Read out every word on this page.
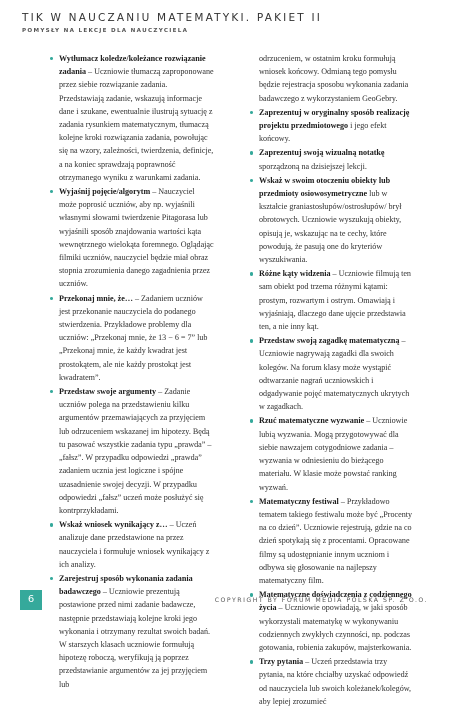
TIK W NAUCZANIU MATEMATYKI. PAKIET II
POMYSŁY NA LEKCJE DLA NAUCZYCIELA
Wytłumacz koledze/koleżance rozwiązanie zadania – Uczniowie tłumaczą zaproponowane przez siebie rozwiązanie zadania. Przedstawiają zadanie, wskazują informacje dane i szukane, ewentualnie ilustrują sytuację z zadania rysunkiem matematycznym, tłumaczą kolejne kroki rozwiązania zadania, powołując się na wzory, zależności, twierdzenia, definicje, a na koniec sprawdzają poprawność otrzymanego wyniku z warunkami zadania.
Wyjaśnij pojęcie/algorytm – Nauczyciel może poprosić uczniów, aby np. wyjaśnili własnymi słowami twierdzenie Pitagorasa lub wyjaśnili sposób znajdowania wartości kąta wewnętrznego wielokąta foremnego. Oglądając filmiki uczniów, nauczyciel będzie miał obraz stopnia zrozumienia danego zagadnienia przez uczniów.
Przekonaj mnie, że… – Zadaniem uczniów jest przekonanie nauczyciela do podanego stwierdzenia. Przykładowe problemy dla uczniów: „Przekonaj mnie, że 13 − 6 = 7” lub „Przekonaj mnie, że każdy kwadrat jest prostokątem, ale nie każdy prostokąt jest kwadratem”.
Przedstaw swoje argumenty – Zadanie uczniów polega na przedstawieniu kilku argumentów przemawiających za przyjęciem lub odrzuceniem wskazanej im hipotezy. Będą tu pasować wszystkie zadania typu „prawda” – „fałsz”. W przypadku odpowiedzi „prawda” zadaniem ucznia jest logiczne i spójne uzasadnienie swojej decyzji. W przypadku odpowiedzi „fałsz” uczeń może posłużyć się kontrprzykładami.
Wskaż wniosek wynikający z… – Uczeń analizuje dane przedstawione na przez nauczyciela i formułuje wniosek wynikający z ich analizy.
Zarejestruj sposób wykonania zadania badawczego – Uczniowie prezentują postawione przed nimi zadanie badawcze, następnie przedstawiają kolejne kroki jego wykonania i otrzymany rezultat swoich badań. W starszych klasach uczniowie formułują hipotezę roboczą, weryfikują ją poprzez przedstawianie argumentów za jej przyjęciem lub
odrzuceniem, w ostatnim kroku formułują wniosek końcowy. Odmianą tego pomysłu będzie rejestracja sposobu wykonania zadania badawczego z wykorzystaniem GeoGebry.
Zaprezentuj w oryginalny sposób realizację projektu przedmiotowego i jego efekt końcowy.
Zaprezentuj swoją wizualną notatkę sporządzoną na dzisiejszej lekcji.
Wskaż w swoim otoczeniu obiekty lub przedmioty osiowosymetryczne lub w kształcie graniastosłupów/ostrosłupów/ brył obrotowych. Uczniowie wyszukują obiekty, opisują je, wskazując na te cechy, które powodują, że pasują one do kryteriów wyszukiwania.
Różne kąty widzenia – Uczniowie filmują ten sam obiekt pod trzema różnymi kątami: prostym, rozwartym i ostrym. Omawiają i wyjaśniają, dlaczego dane ujęcie przedstawia ten, a nie inny kąt.
Przedstaw swoją zagadkę matematyczną – Uczniowie nagrywają zagadki dla swoich kolegów. Na forum klasy może wystąpić odtwarzanie nagrań uczniowskich i odgadywanie pojęć matematycznych ukrytych w zagadkach.
Rzuć matematyczne wyzwanie – Uczniowie lubią wyzwania. Mogą przygotowywać dla siebie nawzajem cotygodniowe zadania – wyzwania w odniesieniu do bieżącego materiału. W klasie może powstać ranking wyzwań.
Matematyczny festiwal – Przykładowo tematem takiego festiwalu może być „Procenty na co dzień”. Uczniowie rejestrują, gdzie na co dzień spotykają się z procentami. Opracowane filmy są udostępnianie innym uczniom i odbywa się głosowanie na najlepszy matematyczny film.
Matematyczne doświadczenia z codziennego życia – Uczniowie opowiadają, w jaki sposób wykorzystali matematykę w wykonywaniu codziennych zwykłych czynności, np. podczas gotowania, robienia zakupów, majsterkowania.
Trzy pytania – Uczeń przedstawia trzy pytania, na które chciałby uzyskać odpowiedź od nauczyciela lub swoich koleżanek/kolegów, aby lepiej zrozumieć
6	COPYRIGHT BY FORUM MEDIA POLSKA SP. Z O.O.
